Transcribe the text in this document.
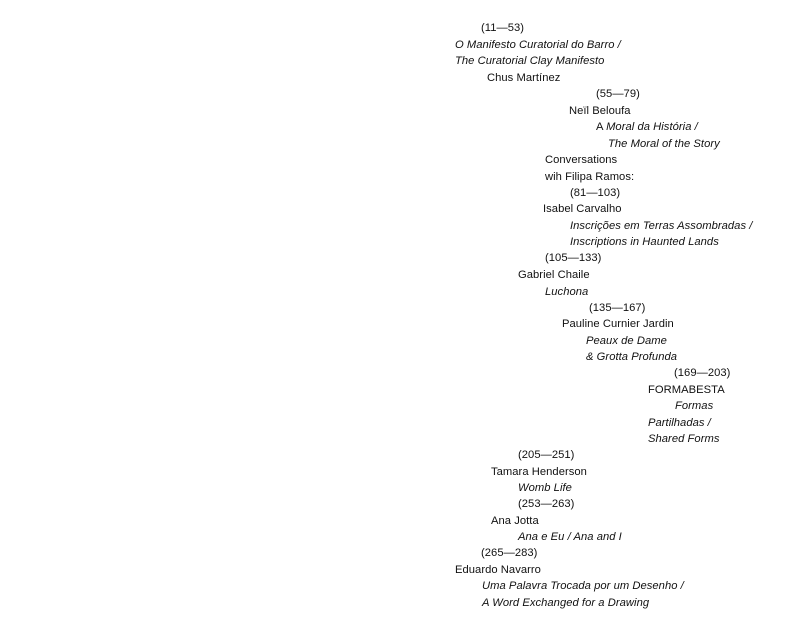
(11—53)
O Manifesto Curatorial do Barro /
The Curatorial Clay Manifesto
Chus Martínez
(55—79)
Neïl Beloufa
A Moral da História /
The Moral of the Story
Conversations
wih Filipa Ramos:
(81—103)
Isabel Carvalho
Inscrições em Terras Assombradas /
Inscriptions in Haunted Lands
(105—133)
Gabriel Chaile
Luchona
(135—167)
Pauline Curnier Jardin
Peaux de Dame
& Grotta Profunda
(169—203)
FORMABESTA
Formas
Partilhadas /
Shared Forms
(205—251)
Tamara Henderson
Womb Life
(253—263)
Ana Jotta
Ana e Eu / Ana and I
(265—283)
Eduardo Navarro
Uma Palavra Trocada por um Desenho /
A Word Exchanged for a Drawing
